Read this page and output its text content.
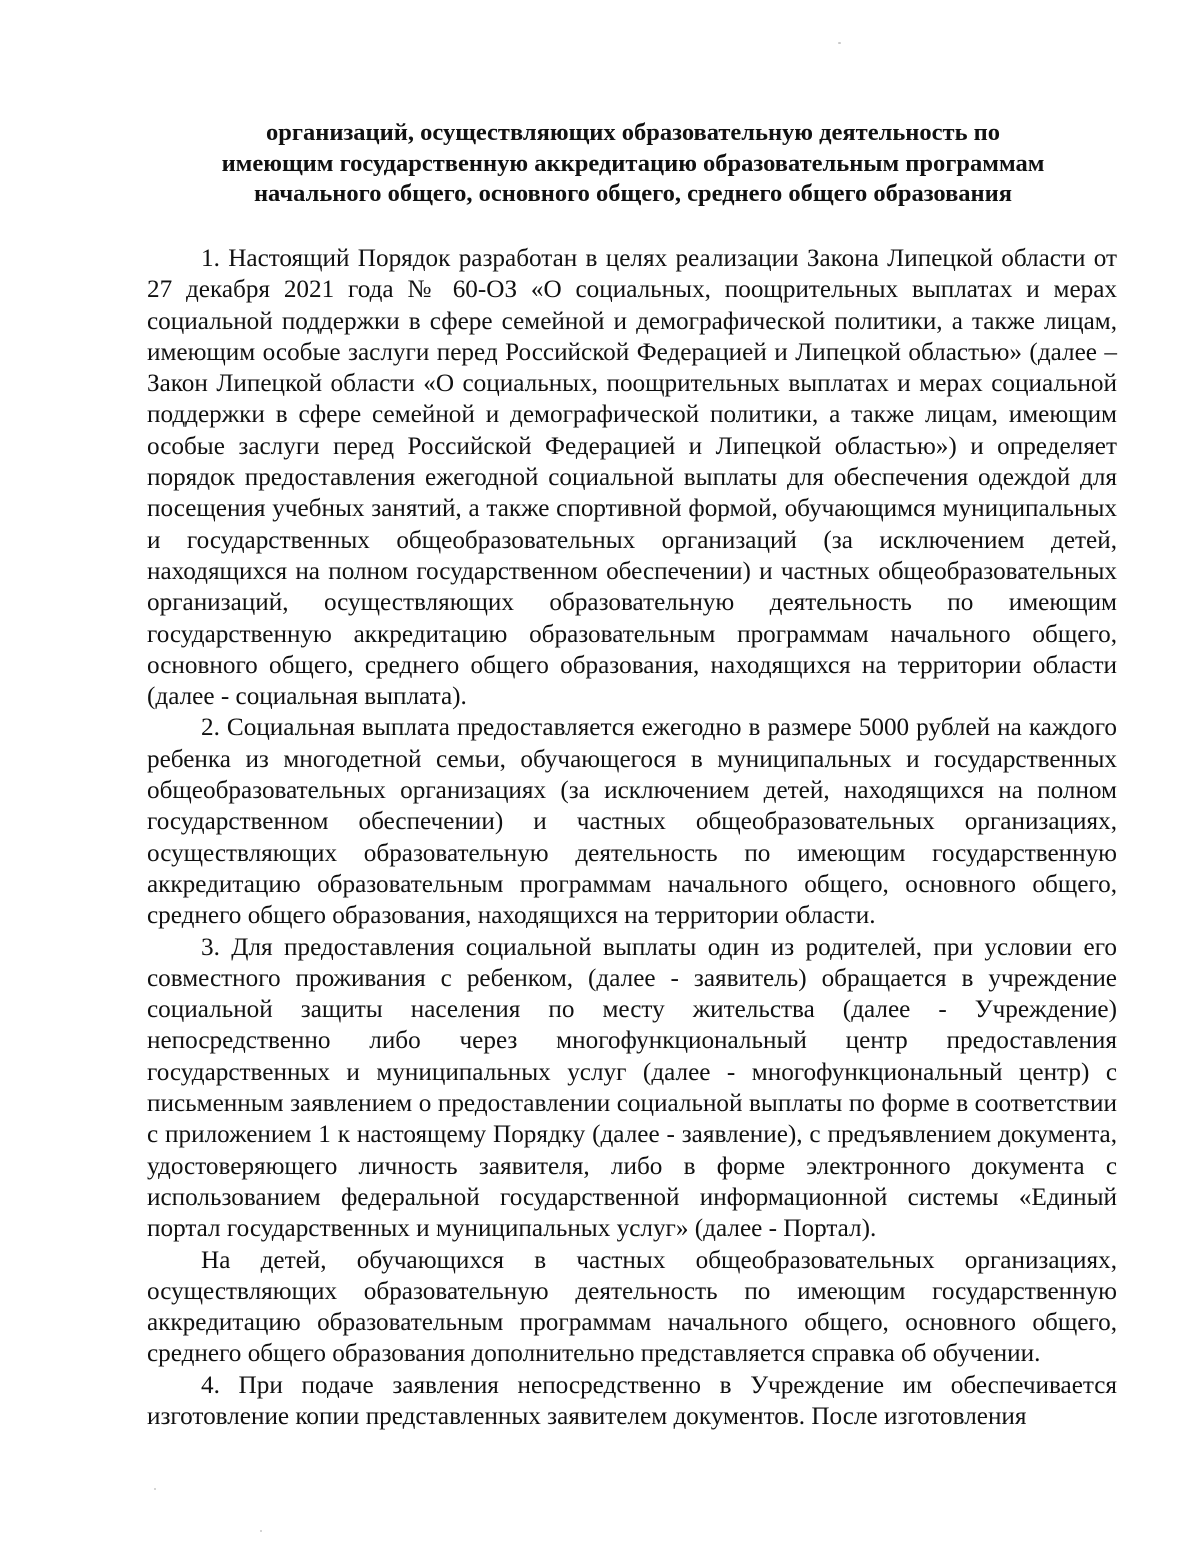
организаций, осуществляющих образовательную деятельность по
имеющим государственную аккредитацию образовательным программам
начального общего, основного общего, среднего общего образования

1. Настоящий Порядок разработан в целях реализации Закона Липецкой области от 27 декабря 2021 года № 60-ОЗ «О социальных, поощрительных выплатах и мерах социальной поддержки в сфере семейной и демографической политики, а также лицам, имеющим особые заслуги перед Российской Федерацией и Липецкой областью» (далее – Закон Липецкой области «О социальных, поощрительных выплатах и мерах социальной поддержки в сфере семейной и демографической политики, а также лицам, имеющим особые заслуги перед Российской Федерацией и Липецкой областью») и определяет порядок предоставления ежегодной социальной выплаты для обеспечения одеждой для посещения учебных занятий, а также спортивной формой, обучающимся муниципальных и государственных общеобразовательных организаций (за исключением детей, находящихся на полном государственном обеспечении) и частных общеобразовательных организаций, осуществляющих образовательную деятельность по имеющим государственную аккредитацию образовательным программам начального общего, основного общего, среднего общего образования, находящихся на территории области (далее - социальная выплата).

2. Социальная выплата предоставляется ежегодно в размере 5000 рублей на каждого ребенка из многодетной семьи, обучающегося в муниципальных и государственных общеобразовательных организациях (за исключением детей, находящихся на полном государственном обеспечении) и частных общеобразовательных организациях, осуществляющих образовательную деятельность по имеющим государственную аккредитацию образовательным программам начального общего, основного общего, среднего общего образования, находящихся на территории области.

3. Для предоставления социальной выплаты один из родителей, при условии его совместного проживания с ребенком, (далее - заявитель) обращается в учреждение социальной защиты населения по месту жительства (далее - Учреждение) непосредственно либо через многофункциональный центр предоставления государственных и муниципальных услуг (далее - многофункциональный центр) с письменным заявлением о предоставлении социальной выплаты по форме в соответствии с приложением 1 к настоящему Порядку (далее - заявление), с предъявлением документа, удостоверяющего личность заявителя, либо в форме электронного документа с использованием федеральной государственной информационной системы «Единый портал государственных и муниципальных услуг» (далее - Портал).

На детей, обучающихся в частных общеобразовательных организациях, осуществляющих образовательную деятельность по имеющим государственную аккредитацию образовательным программам начального общего, основного общего, среднего общего образования дополнительно представляется справка об обучении.

4. При подаче заявления непосредственно в Учреждение им обеспечивается изготовление копии представленных заявителем документов. После изготовления
